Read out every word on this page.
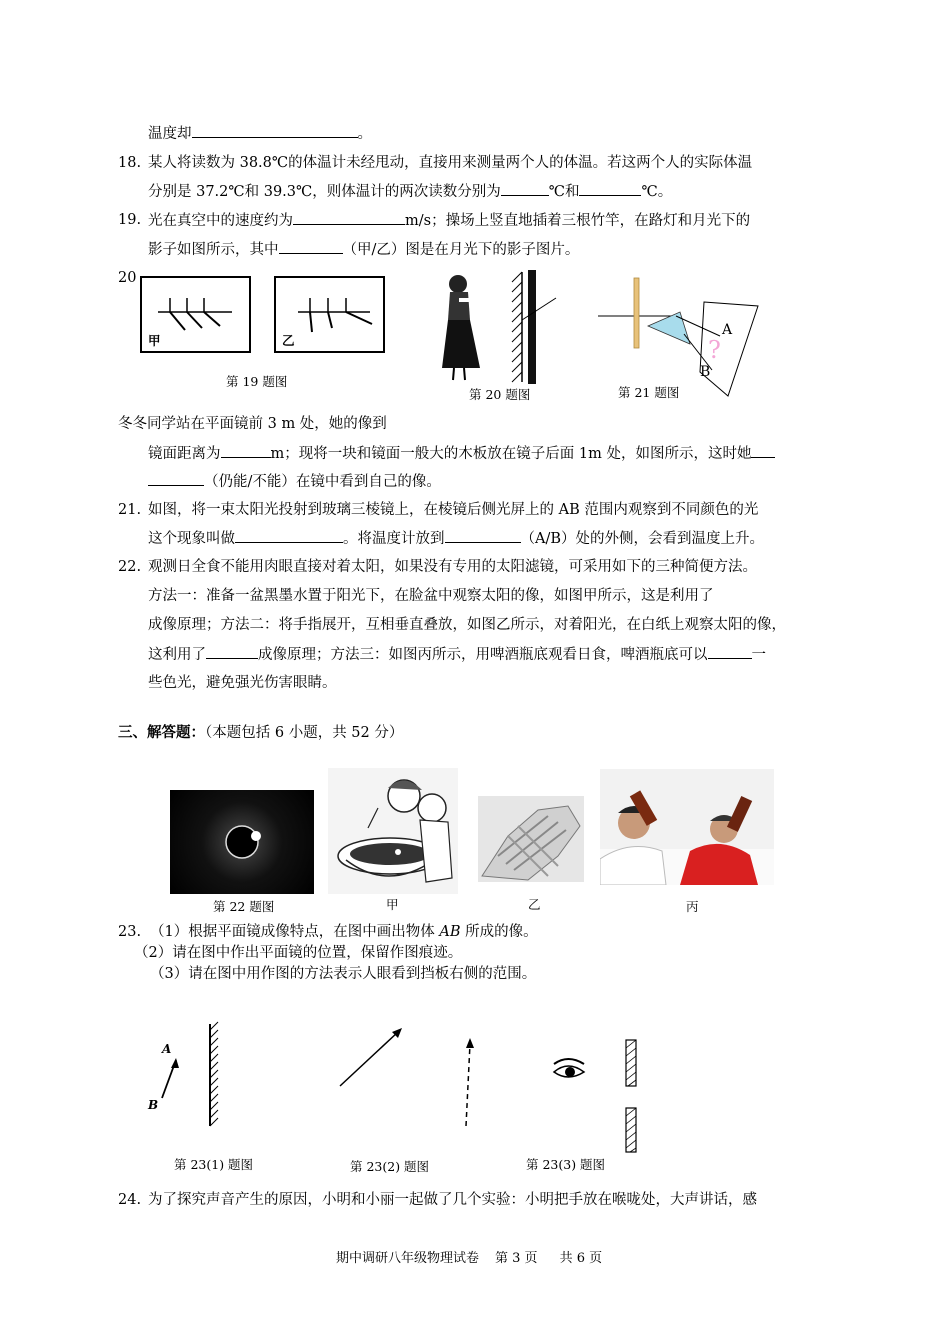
温度却	。
18. 某人将读数为 38.8℃的体温计未经甩动，直接用来测量两个人的体温。若这两个人的实际体温
分别是 37.2℃和 39.3℃，则体温计的两次读数分别为	℃和	℃。
19. 光在真空中的速度约为	m/s；操场上竖直地插着三根竹竿，在路灯和月光下的
影子如图所示，其中	（甲/乙）图是在月光下的影子图片。
20
甲	乙
第 19 题图
第 20 题图
A
B
?
第 21 题图
冬冬同学站在平面镜前 3 m 处，她的像到
镜面距离为	m；现将一块和镜面一般大的木板放在镜子后面 1m 处，如图所示，这时她
（仍能/不能）在镜中看到自己的像。
21. 如图，将一束太阳光投射到玻璃三棱镜上，在棱镜后侧光屏上的 AB 范围内观察到不同颜色的光
这个现象叫做	。将温度计放到	（A/B）处的外侧，会看到温度上升。
22. 观测日全食不能用肉眼直接对着太阳，如果没有专用的太阳滤镜，可采用如下的三种简便方法。
方法一：准备一盆黑墨水置于阳光下，在脸盆中观察太阳的像，如图甲所示，这是利用了
成像原理；方法二：将手指展开，互相垂直叠放，如图乙所示，对着阳光，在白纸上观察太阳的像，
这利用了	成像原理；方法三：如图丙所示，用啤酒瓶底观看日食，啤酒瓶底可以	一
些色光，避免强光伤害眼睛。
三、解答题：（本题包括 6 小题，共 52 分）
第 22 题图	甲	乙	丙
23. （1）根据平面镜成像特点，在图中画出物体 AB 所成的像。
（2）请在图中作出平面镜的位置，保留作图痕迹。
（3）请在图中用作图的方法表示人眼看到挡板右侧的范围。
A
B
第 23(1) 题图	第 23(2) 题图	第 23(3) 题图
24. 为了探究声音产生的原因，小明和小丽一起做了几个实验：小明把手放在喉咙处，大声讲话，感
期中调研八年级物理试卷 第 3 页 共 6 页
